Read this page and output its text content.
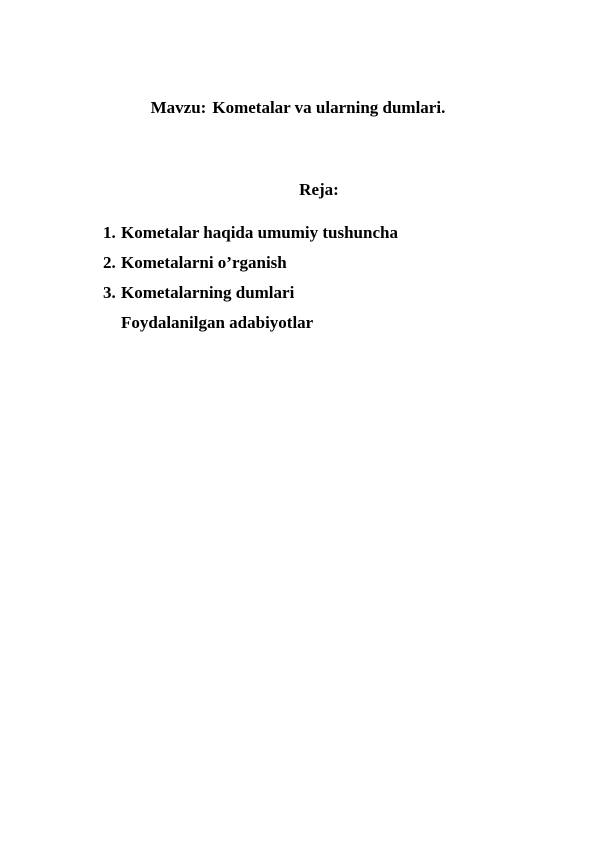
Mavzu: Kometalar va ularning dumlari.
Reja:
1. Kometalar haqida umumiy tushuncha
2. Kometalarni o’rganish
3. Kometalarning dumlari
Foydalanilgan adabiyotlar
